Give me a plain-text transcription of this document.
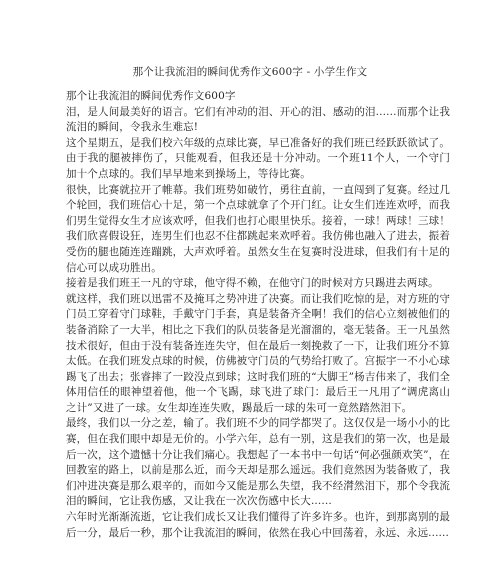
那个让我流泪的瞬间优秀作文600字 - 小学生作文

那个让我流泪的瞬间优秀作文600字

泪，是人间最美好的语言。它们有冲动的泪、开心的泪、感动的泪......而那个让我流泪的瞬间，令我永生难忘!

这个星期五，是我们校六年级的点球比赛，早已准备好的我们班已经跃跃欲试了。由于我的腿被摔伤了，只能观看，但我还是十分冲动。一个班11个人，一个守门加十个点球的。我们早早地来到操场上，等待比赛。

很快，比赛就拉开了帷幕。我们班势如破竹，勇往直前，一直闯到了复赛。经过几个轮回，我们班信心十足，第一个点球就拿了个开门红。让女生们连连欢呼，而我们男生觉得女生才应该欢呼，但我们也打心眼里快乐。接着，一球！两球！三球！我们欣喜假设狂，连男生们也忍不住都跳起来欢呼着。我仿佛也融入了进去，振着受伤的腿也随连连蹦跳，大声欢呼着。虽然女生在复赛时没进球，但我们有十足的信心可以成功胜出。

接着是我们班王一凡的守球，他守得不赖，在他守门的时候对方只踢进去两球。

就这样，我们班以迅雷不及掩耳之势冲进了决赛。而让我们吃惊的是，对方班的守门员工穿着守门球鞋，手戴守门手套，真是装备齐全啊！我们的信心立刻被他们的装备消除了一大半，相比之下我们的队员装备是光溜溜的，毫无装备。王一凡虽然技术很好，但由于没有装备连连失守，但在最后一刻挽救了一下，让我们班分不算太低。在我们班发点球的时候，仿佛被守门员的气势给打败了。宫振宇一不小心球踢飞了出去；张睿摔了一跤没点到球；这时我们班的“大脚王”杨吉伟来了，我们全体用信任的眼神望着他，他一个飞踢，球飞进了球门：最后王一凡用了“调虎离山之计”又进了一球。女生却连连失败，踢最后一球的朱可一竟然踏然泪下。

最终，我们以一分之差，输了。我们班不少的同学都哭了。这仅仅是一场小小的比赛，但在我们眼中却是无价的。小学六年，总有一别，这是我们的第一次，也是最后一次，这个遗憾十分让我们痛心。我想起了一本书中一句话“何必强颜欢笑”，在回教室的路上，以前是那么近，而今天却是那么遥远。我们竟然因为装备败了，我们冲进决赛是那么艰辛的，而如今又能是那么失望，我不经潸然泪下，那个令我流泪的瞬间，它让我伤感，又让我在一次次伤感中长大......

六年时光渐渐流逝，它让我们成长又让我们懂得了许多许多。也许，到那离别的最后一分，最后一秒，那个让我流泪的瞬间，依然在我心中回荡着，永远、永远......
